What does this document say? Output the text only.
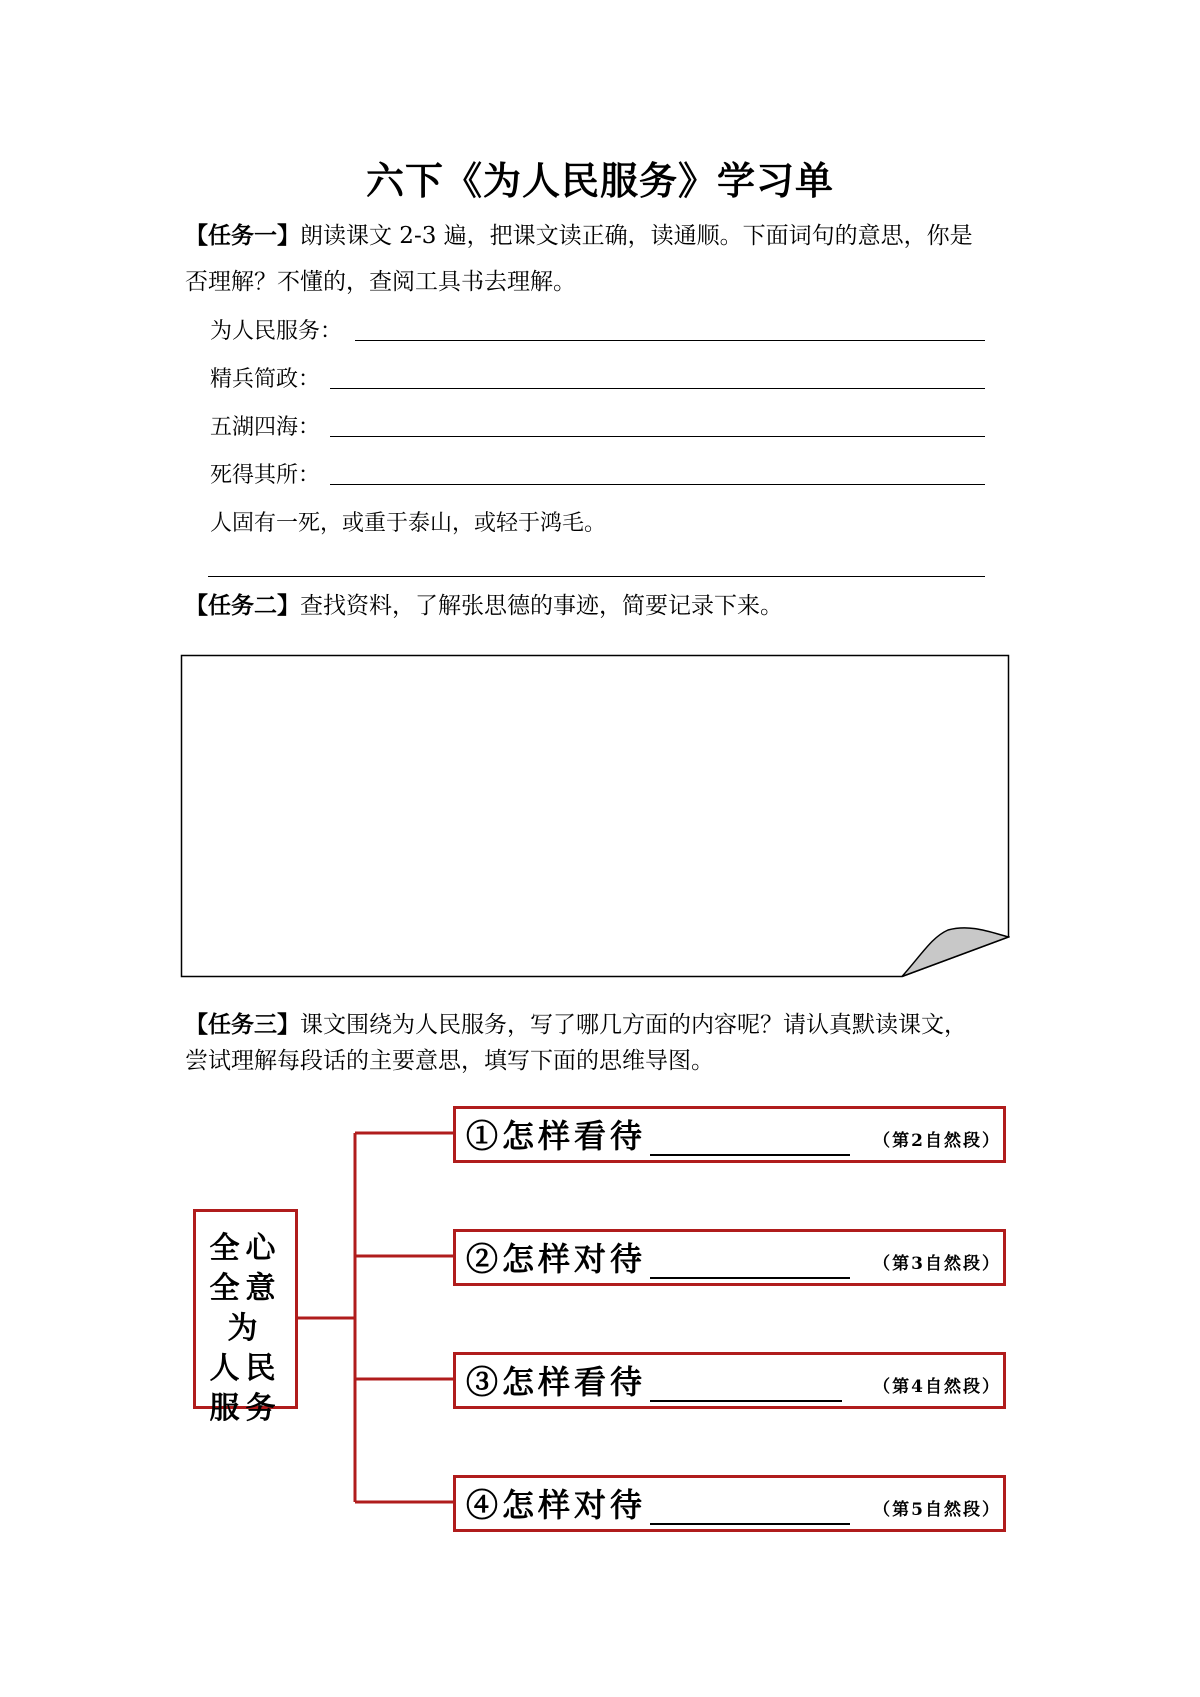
六下《为人民服务》学习单
【任务一】朗读课文 2-3 遍，把课文读正确，读通顺。下面词句的意思，你是
否理解？不懂的，查阅工具书去理解。
为人民服务：
精兵简政：
五湖四海：
死得其所：
人固有一死，或重于泰山，或轻于鸿毛。
【任务二】查找资料，了解张思德的事迹，简要记录下来。
【任务三】课文围绕为人民服务，写了哪几方面的内容呢？请认真默读课文，
尝试理解每段话的主要意思，填写下面的思维导图。
全心
全意
为
人民
服务
①怎样看待	（第2自然段）
②怎样对待	（第3自然段）
③怎样看待	（第4自然段）
④怎样对待	（第5自然段）
